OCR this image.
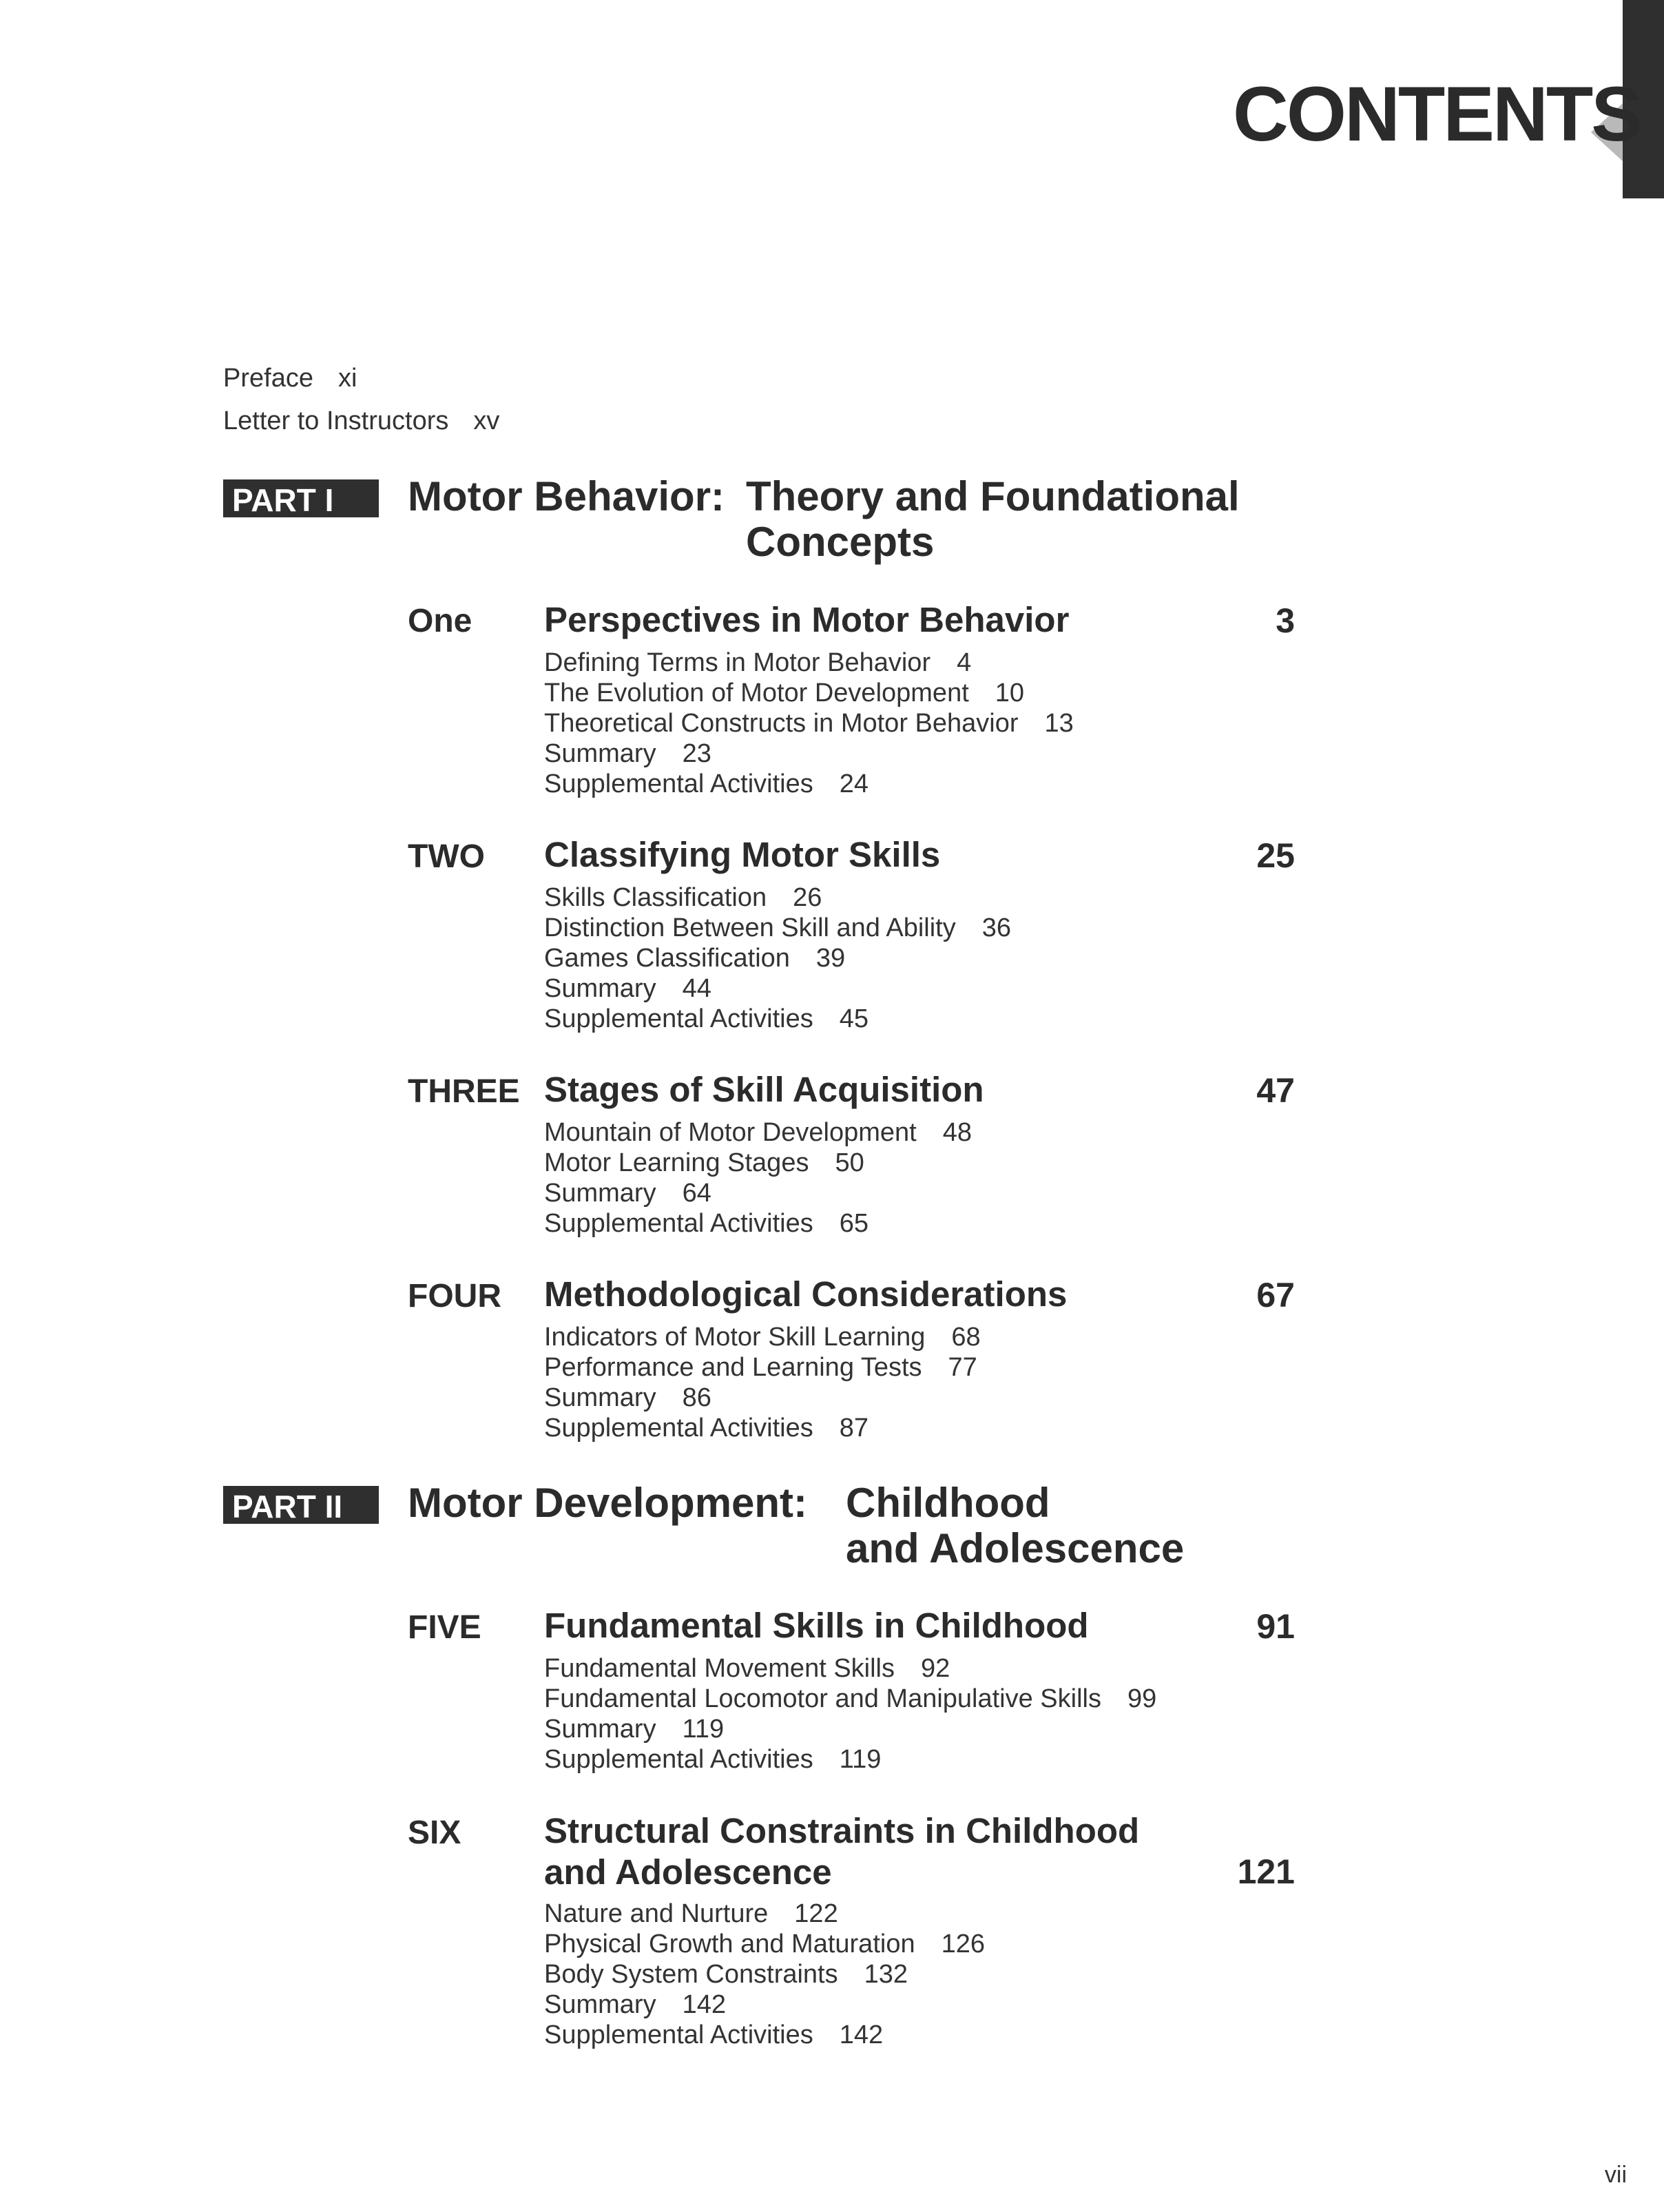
CONTENTS
Preface xi
Letter to Instructors xv
PART I	Motor Behavior: Theory and Foundational
Concepts
One Perspectives in Motor Behavior	3
Defining Terms in Motor Behavior 4
The Evolution of Motor Development 10
Theoretical Constructs in Motor Behavior 13
Summary 23
Supplemental Activities 24
TWO Classifying Motor Skills	25
Skills Classification 26
Distinction Between Skill and Ability 36
Games Classification 39
Summary 44
Supplemental Activities 45
THREE Stages of Skill Acquisition	47
Mountain of Motor Development 48
Motor Learning Stages 50
Summary 64
Supplemental Activities 65
FOUR Methodological Considerations	67
Indicators of Motor Skill Learning 68
Performance and Learning Tests 77
Summary 86
Supplemental Activities 87
PART II	Motor Development: Childhood
and Adolescence
FIVE Fundamental Skills in Childhood	91
Fundamental Movement Skills 92
Fundamental Locomotor and Manipulative Skills 99
Summary 119
Supplemental Activities 119
SIX Structural Constraints in Childhood
and Adolescence	121
Nature and Nurture 122
Physical Growth and Maturation 126
Body System Constraints 132
Summary 142
Supplemental Activities 142
vii
